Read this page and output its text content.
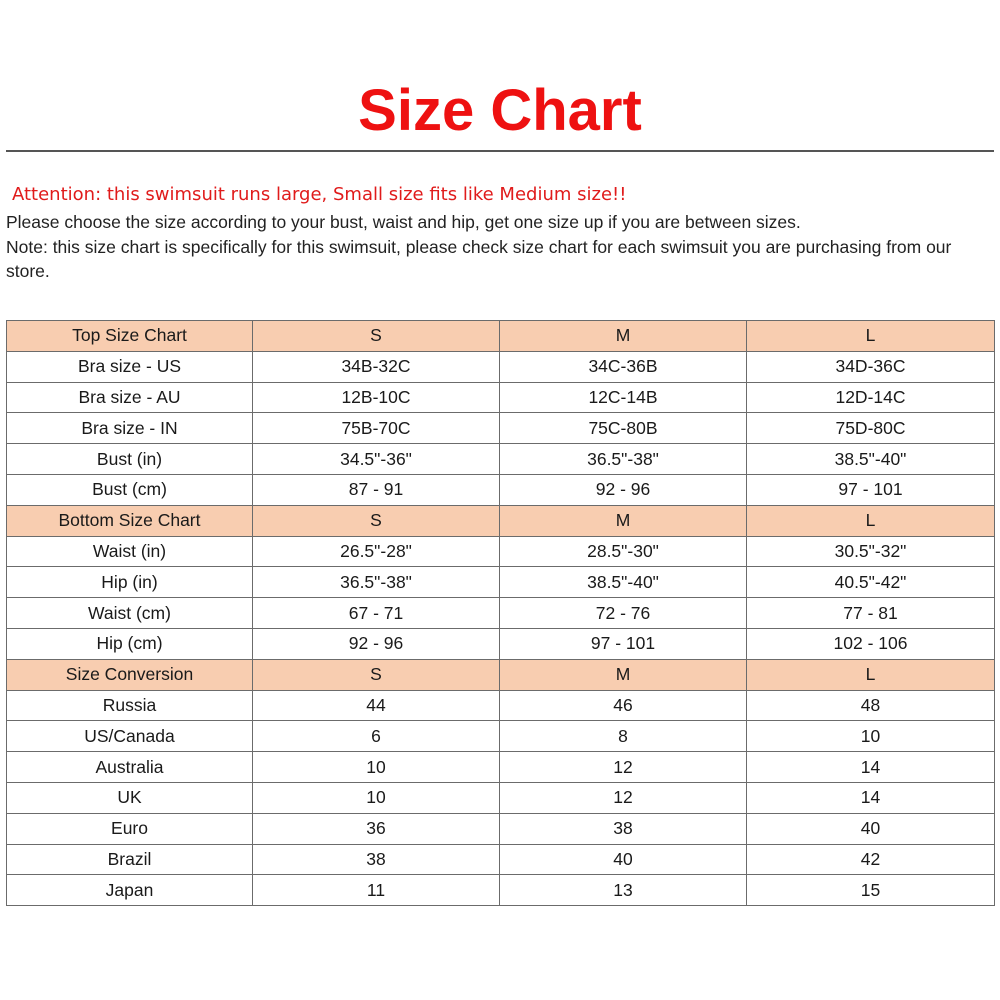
Size Chart
Attention: this swimsuit runs large, Small size fits like Medium size!!

Please choose the size according to your bust, waist and hip, get one size up if you are between sizes.

Note: this size chart is specifically for this swimsuit, please check size chart for each swimsuit you are purchasing from our store.

Top Size Chart	S	M	L
Bra size - US	34B-32C	34C-36B	34D-36C
Bra size - AU	12B-10C	12C-14B	12D-14C
Bra size - IN	75B-70C	75C-80B	75D-80C
Bust (in)	34.5"-36"	36.5"-38"	38.5"-40"
Bust (cm)	87 - 91	92 - 96	97 - 101
Bottom Size Chart	S	M	L
Waist (in)	26.5"-28"	28.5"-30"	30.5"-32"
Hip (in)	36.5"-38"	38.5"-40"	40.5"-42"
Waist (cm)	67 - 71	72 - 76	77 - 81
Hip (cm)	92 - 96	97 - 101	102 - 106
Size Conversion	S	M	L
Russia	44	46	48
US/Canada	6	8	10
Australia	10	12	14
UK	10	12	14
Euro	36	38	40
Brazil	38	40	42
Japan	11	13	15
